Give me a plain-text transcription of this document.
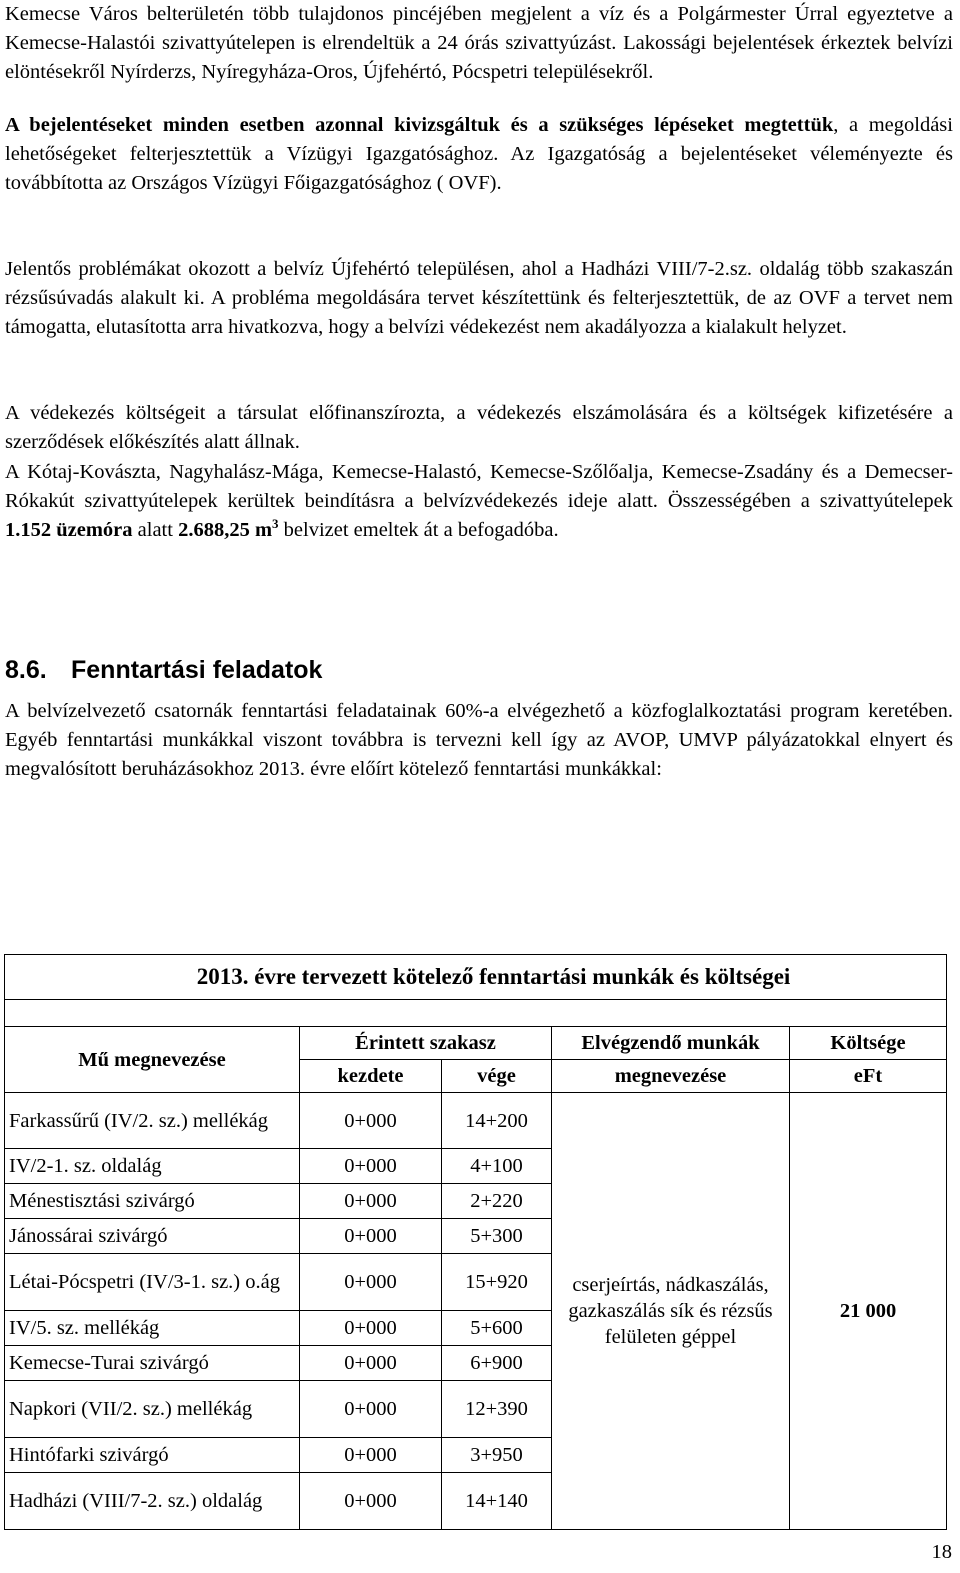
Kemecse Város belterületén több tulajdonos pincéjében megjelent a víz és a Polgármester Úrral egyeztetve a Kemecse-Halastói szivattyútelepen is elrendeltük a 24 órás szivattyúzást. Lakossági bejelentések érkeztek belvízi elöntésekről Nyírderzs, Nyíregyháza-Oros, Újfehértó, Pócspetri településekről.

A bejelentéseket minden esetben azonnal kivizsgáltuk és a szükséges lépéseket megtettük, a megoldási lehetőségeket felterjesztettük a Vízügyi Igazgatósághoz. Az Igazgatóság a bejelentéseket véleményezte és továbbította az Országos Vízügyi Főigazgatósághoz ( OVF).

Jelentős problémákat okozott a belvíz Újfehértó településen, ahol a Hadházi VIII/7-2.sz. oldalág több szakaszán rézsűsúvadás alakult ki. A probléma megoldására tervet készítettünk és felterjesztettük, de az OVF a tervet nem támogatta, elutasította arra hivatkozva, hogy a belvízi védekezést nem akadályozza a kialakult helyzet.

A védekezés költségeit a társulat előfinanszírozta, a védekezés elszámolására és a költségek kifizetésére a szerződések előkészítés alatt állnak.

A Kótaj-Kovászta, Nagyhalász-Mága, Kemecse-Halastó, Kemecse-Szőlőalja, Kemecse-Zsadány és a Demecser-Rókakút szivattyútelepek kerültek beindításra a belvízvédekezés ideje alatt. Összességében a szivattyútelepek 1.152 üzemóra alatt 2.688,25 $m^3$ belvizet emeltek át a befogadóba.

8.6. Fenntartási feladatok

A belvízelvezető csatornák fenntartási feladatainak 60%-a elvégezhető a közfoglalkoztatási program keretében. Egyéb fenntartási munkákkal viszont továbbra is tervezni kell így az AVOP, UMVP pályázatokkal elnyert és megvalósított beruházásokhoz 2013. évre előírt kötelező fenntartási munkákkal:

2013. évre tervezett kötelező fenntartási munkák és költségei				

Mű megnevezése	Érintett szakasz		Elvégzendő munkák	Költsége
	kezdete	vége	megnevezése	eFt
Farkassűrű (IV/2. sz.) mellékág	0+000	14+200	cserjeírtás, nádkaszálás, gazkaszálás sík és rézsűs felületen géppel	21 000
IV/2-1. sz. oldalág	0+000	4+100		
Ménestisztási szivárgó	0+000	2+220		
Jánossárai szivárgó	0+000	5+300		
Létai-Pócspetri (IV/3-1. sz.) o.ág	0+000	15+920		
IV/5. sz. mellékág	0+000	5+600		
Kemecse-Turai szivárgó	0+000	6+900		
Napkori (VII/2. sz.) mellékág	0+000	12+390		
Hintófarki szivárgó	0+000	3+950		
Hadházi (VIII/7-2. sz.) oldalág	0+000	14+140		
18
